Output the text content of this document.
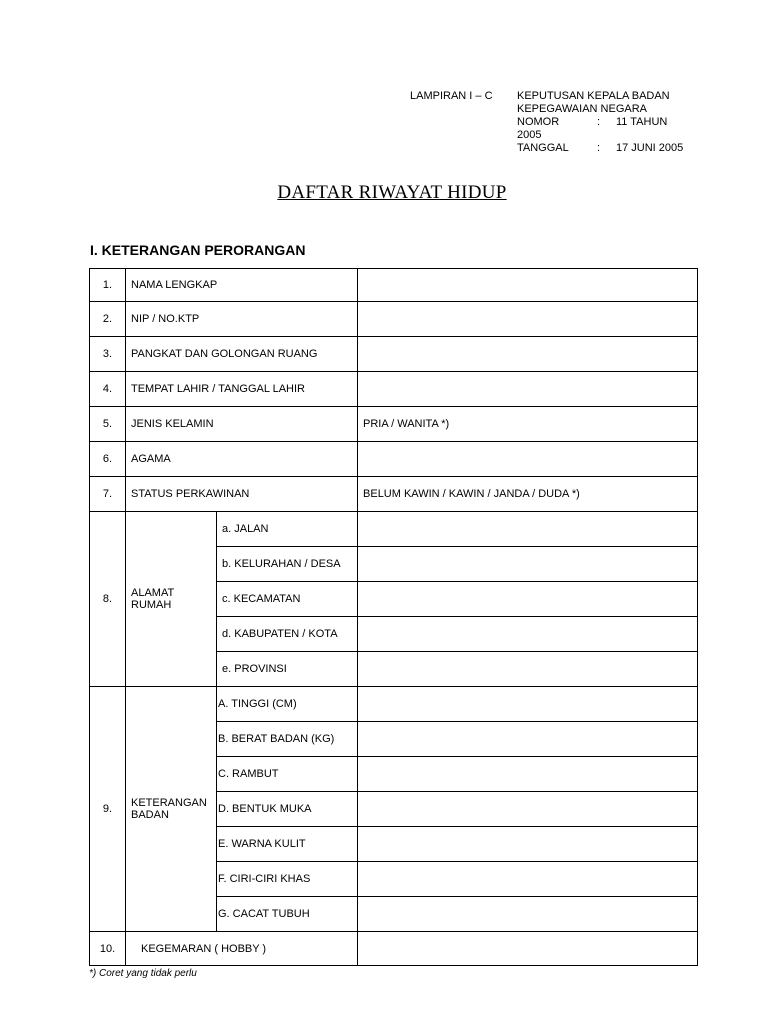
LAMPIRAN I – C KEPUTUSAN KEPALA BADAN
KEPEGAWAIAN NEGARA
NOMOR	: 11 TAHUN
2005
TANGGAL	: 17 JUNI 2005
DAFTAR RIWAYAT HIDUP
I. KETERANGAN PERORANGAN
1.	NAMA LENGKAP		
2.	NIP / NO.KTP		
3.	PANGKAT DAN GOLONGAN RUANG		
4.	TEMPAT LAHIR / TANGGAL LAHIR		
5.	JENIS KELAMIN		PRIA / WANITA *)
6.	AGAMA		
7.	STATUS PERKAWINAN		BELUM KAWIN / KAWIN / JANDA / DUDA *)
8.	ALAMAT
RUMAH	a. JALAN	
		b. KELURAHAN / DESA	
		c. KECAMATAN	
		d. KABUPATEN / KOTA	
		e. PROVINSI	
9.	KETERANGAN
BADAN	A. TINGGI (CM)	
		B. BERAT BADAN (KG)	
		C. RAMBUT	
		D. BENTUK MUKA	
		E. WARNA KULIT	
		F. CIRI-CIRI KHAS	
		G. CACAT TUBUH	
10.	KEGEMARAN ( HOBBY )		
*) Coret yang tidak perlu
